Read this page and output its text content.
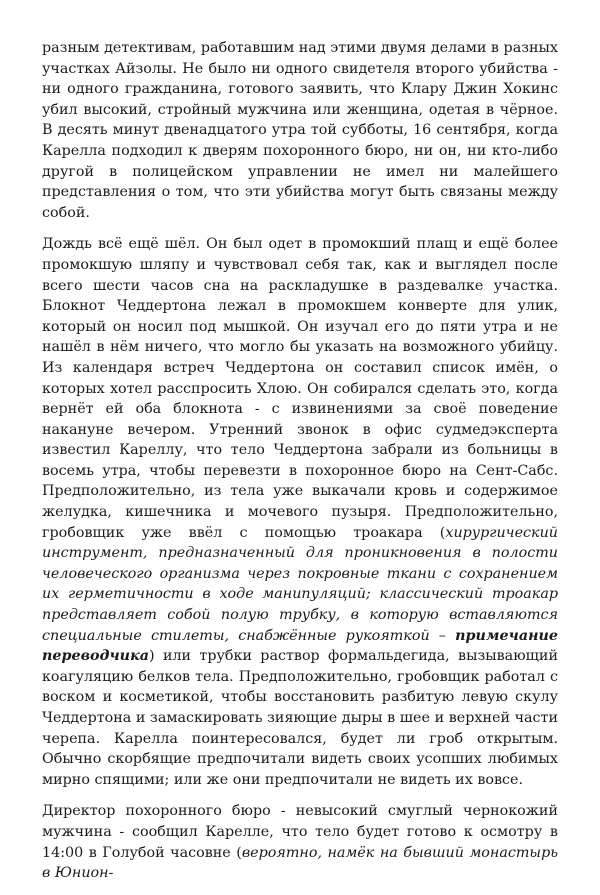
разным детективам, работавшим над этими двумя делами в разных участках Айзолы. Не было ни одного свидетеля второго убийства - ни одного гражданина, готового заявить, что Клару Джин Хокинс убил высокий, стройный мужчина или женщина, одетая в чёрное. В десять минут двенадцатого утра той субботы, 16 сентября, когда Карелла подходил к дверям похоронного бюро, ни он, ни кто-либо другой в полицейском управлении не имел ни малейшего представления о том, что эти убийства могут быть связаны между собой.

Дождь всё ещё шёл. Он был одет в промокший плащ и ещё более промокшую шляпу и чувствовал себя так, как и выглядел после всего шести часов сна на раскладушке в раздевалке участка. Блокнот Чеддертона лежал в промокшем конверте для улик, который он носил под мышкой. Он изучал его до пяти утра и не нашёл в нём ничего, что могло бы указать на возможного убийцу. Из календаря встреч Чеддертона он составил список имён, о которых хотел расспросить Хлою. Он собирался сделать это, когда вернёт ей оба блокнота - с извинениями за своё поведение накануне вечером. Утренний звонок в офис судмедэксперта известил Кареллу, что тело Чеддертона забрали из больницы в восемь утра, чтобы перевезти в похоронное бюро на Сент-Сабс. Предположительно, из тела уже выкачали кровь и содержимое желудка, кишечника и мочевого пузыря. Предположительно, гробовщик уже ввёл с помощью троакара (хирургический инструмент, предназначенный для проникновения в полости человеческого организма через покровные ткани с сохранением их герметичности в ходе манипуляций; классический троакар представляет собой полую трубку, в которую вставляются специальные стилеты, снабжённые рукояткой – примечание переводчика) или трубки раствор формальдегида, вызывающий коагуляцию белков тела. Предположительно, гробовщик работал с воском и косметикой, чтобы восстановить разбитую левую скулу Чеддертона и замаскировать зияющие дыры в шее и верхней части черепа. Карелла поинтересовался, будет ли гроб открытым. Обычно скорбящие предпочитали видеть своих усопших любимых мирно спящими; или же они предпочитали не видеть их вовсе.

Директор похоронного бюро - невысокий смуглый чернокожий мужчина - сообщил Карелле, что тело будет готово к осмотру в 14:00 в Голубой часовне (вероятно, намёк на бывший монастырь в Юнион-
